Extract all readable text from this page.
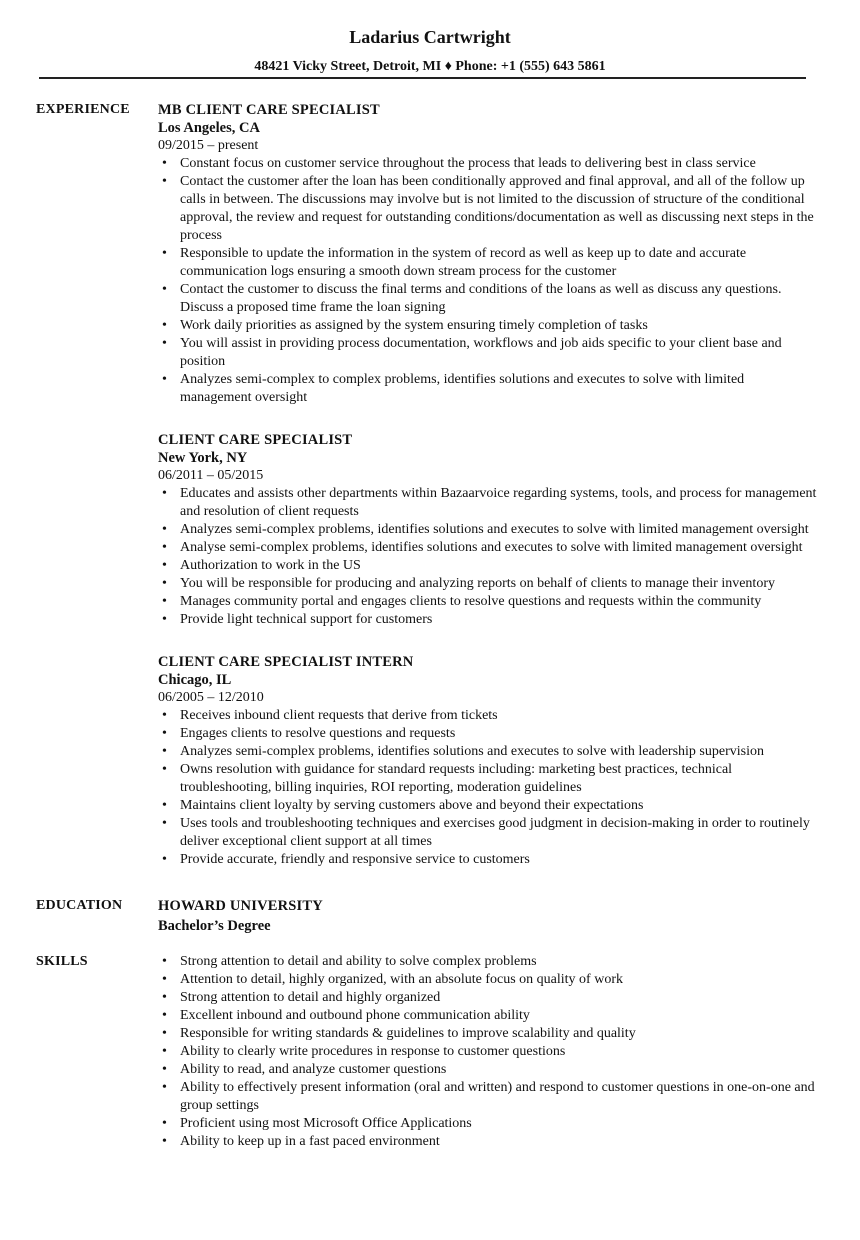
Ladarius Cartwright
48421 Vicky Street, Detroit, MI ♦ Phone: +1 (555) 643 5861
EXPERIENCE MB CLIENT CARE SPECIALIST
Los Angeles, CA
09/2015 – present
• Constant focus on customer service throughout the process that leads to delivering best in class service
• Contact the customer after the loan has been conditionally approved and final approval, and all of the follow up calls in between. The discussions may involve but is not limited to the discussion of structure of the conditional approval, the review and request for outstanding conditions/documentation as well as discussing next steps in the process
• Responsible to update the information in the system of record as well as keep up to date and accurate communication logs ensuring a smooth down stream process for the customer
• Contact the customer to discuss the final terms and conditions of the loans as well as discuss any questions. Discuss a proposed time frame the loan signing
• Work daily priorities as assigned by the system ensuring timely completion of tasks
• You will assist in providing process documentation, workflows and job aids specific to your client base and position
• Analyzes semi-complex to complex problems, identifies solutions and executes to solve with limited management oversight
CLIENT CARE SPECIALIST
New York, NY
06/2011 – 05/2015
• Educates and assists other departments within Bazaarvoice regarding systems, tools, and process for management and resolution of client requests
• Analyzes semi-complex problems, identifies solutions and executes to solve with limited management oversight
• Analyse semi-complex problems, identifies solutions and executes to solve with limited management oversight
• Authorization to work in the US
• You will be responsible for producing and analyzing reports on behalf of clients to manage their inventory
• Manages community portal and engages clients to resolve questions and requests within the community
• Provide light technical support for customers
CLIENT CARE SPECIALIST INTERN
Chicago, IL
06/2005 – 12/2010
• Receives inbound client requests that derive from tickets
• Engages clients to resolve questions and requests
• Analyzes semi-complex problems, identifies solutions and executes to solve with leadership supervision
• Owns resolution with guidance for standard requests including: marketing best practices, technical troubleshooting, billing inquiries, ROI reporting, moderation guidelines
• Maintains client loyalty by serving customers above and beyond their expectations
• Uses tools and troubleshooting techniques and exercises good judgment in decision-making in order to routinely deliver exceptional client support at all times
• Provide accurate, friendly and responsive service to customers
EDUCATION HOWARD UNIVERSITY
Bachelor’s Degree
SKILLS	• Strong attention to detail and ability to solve complex problems
• Attention to detail, highly organized, with an absolute focus on quality of work
• Strong attention to detail and highly organized
• Excellent inbound and outbound phone communication ability
• Responsible for writing standards & guidelines to improve scalability and quality
• Ability to clearly write procedures in response to customer questions
• Ability to read, and analyze customer questions
• Ability to effectively present information (oral and written) and respond to customer questions in one-on-one and group settings
• Proficient using most Microsoft Office Applications
• Ability to keep up in a fast paced environment
